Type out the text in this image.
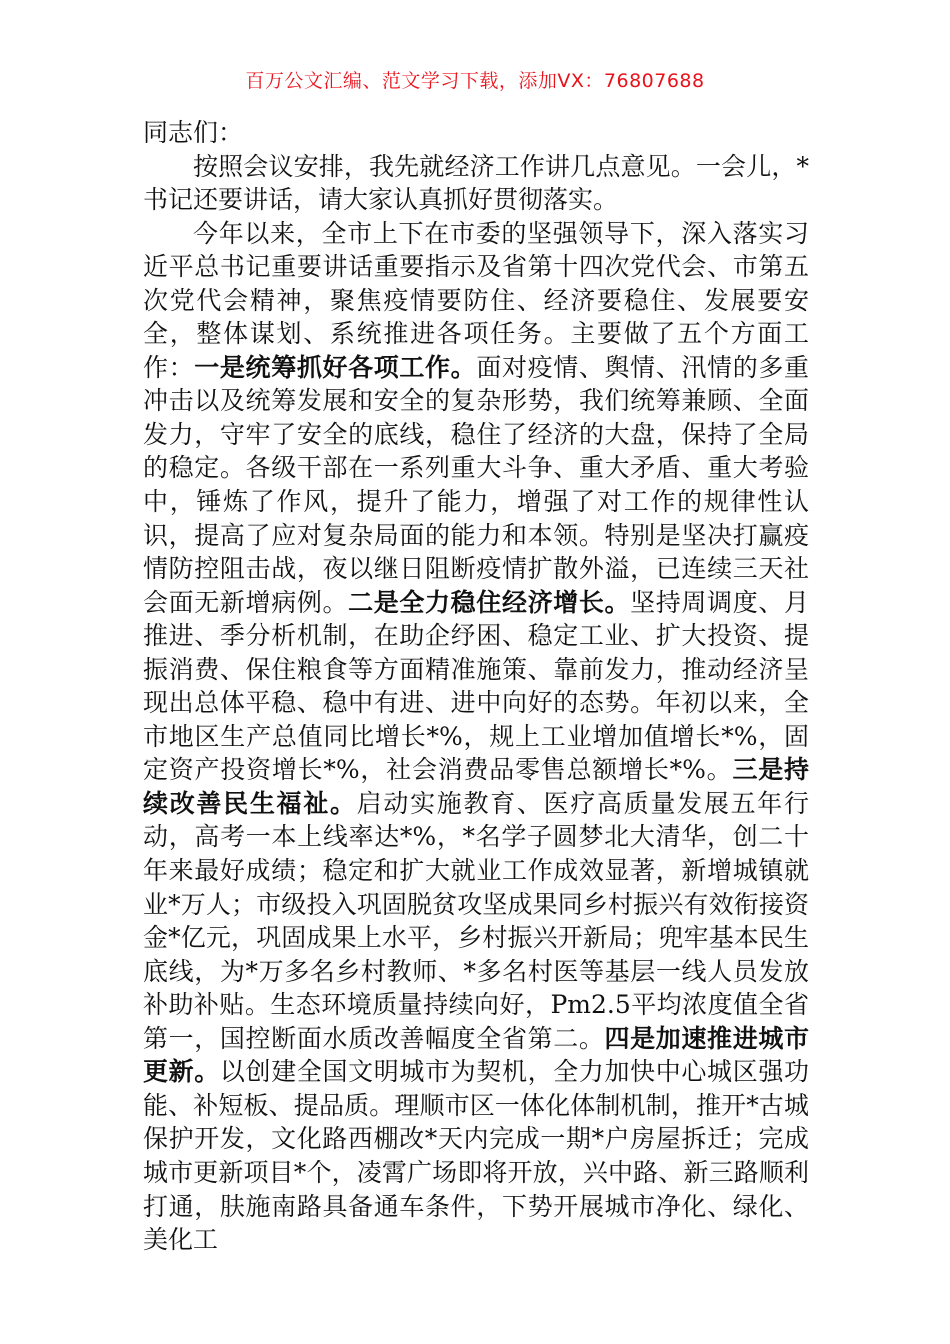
百万公文汇编、范文学习下载，添加VX：76807688

同志们：

按照会议安排，我先就经济工作讲几点意见。一会儿，*书记还要讲话，请大家认真抓好贯彻落实。

今年以来，全市上下在市委的坚强领导下，深入落实习近平总书记重要讲话重要指示及省第十四次党代会、市第五次党代会精神，聚焦疫情要防住、经济要稳住、发展要安全，整体谋划、系统推进各项任务。主要做了五个方面工作：一是统筹抓好各项工作。面对疫情、舆情、汛情的多重冲击以及统筹发展和安全的复杂形势，我们统筹兼顾、全面发力，守牢了安全的底线，稳住了经济的大盘，保持了全局的稳定。各级干部在一系列重大斗争、重大矛盾、重大考验中，锤炼了作风，提升了能力，增强了对工作的规律性认识，提高了应对复杂局面的能力和本领。特别是坚决打赢疫情防控阻击战，夜以继日阻断疫情扩散外溢，已连续三天社会面无新增病例。二是全力稳住经济增长。坚持周调度、月推进、季分析机制，在助企纾困、稳定工业、扩大投资、提振消费、保住粮食等方面精准施策、靠前发力，推动经济呈现出总体平稳、稳中有进、进中向好的态势。年初以来，全市地区生产总值同比增长*%，规上工业增加值增长*%，固定资产投资增长*%，社会消费品零售总额增长*%。三是持续改善民生福祉。启动实施教育、医疗高质量发展五年行动，高考一本上线率达*%，*名学子圆梦北大清华，创二十年来最好成绩；稳定和扩大就业工作成效显著，新增城镇就业*万人；市级投入巩固脱贫攻坚成果同乡村振兴有效衔接资金*亿元，巩固成果上水平，乡村振兴开新局；兜牢基本民生底线，为*万多名乡村教师、*多名村医等基层一线人员发放补助补贴。生态环境质量持续向好，Pm2.5平均浓度值全省第一，国控断面水质改善幅度全省第二。四是加速推进城市更新。以创建全国文明城市为契机，全力加快中心城区强功能、补短板、提品质。理顺市区一体化体制机制，推开*古城保护开发，文化路西棚改*天内完成一期*户房屋拆迁；完成城市更新项目*个，凌霄广场即将开放，兴中路、新三路顺利打通，肤施南路具备通车条件，下势开展城市净化、绿化、美化工
